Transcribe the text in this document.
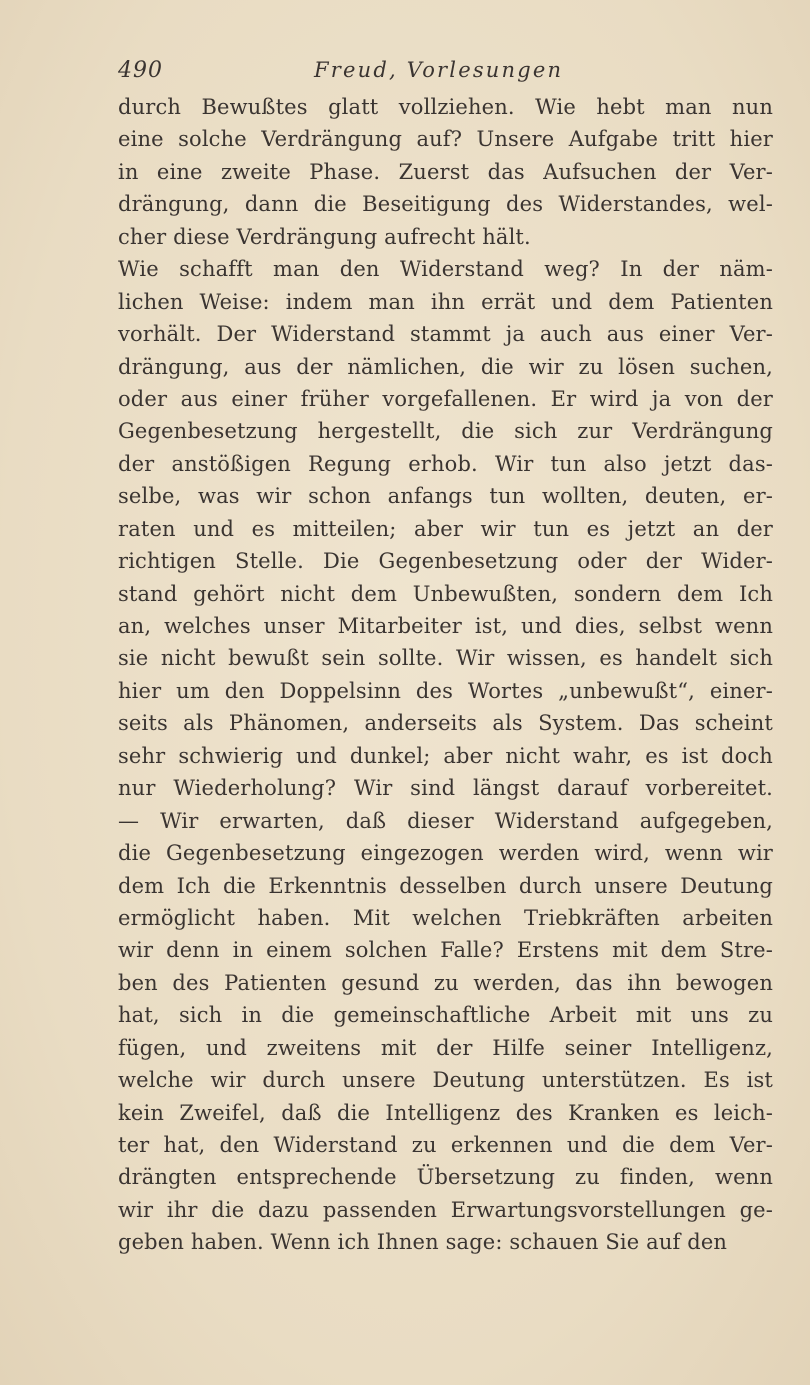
490	Freud, Vorlesungen
durch Bewußtes glatt vollziehen. Wie hebt man nun
eine solche Verdrängung auf? Unsere Aufgabe tritt hier
in eine zweite Phase. Zuerst das Aufsuchen der Ver-
drängung, dann die Beseitigung des Widerstandes, wel-
cher diese Verdrängung aufrecht hält.
Wie schafft man den Widerstand weg? In der näm-
lichen Weise: indem man ihn errät und dem Patienten
vorhält. Der Widerstand stammt ja auch aus einer Ver-
drängung, aus der nämlichen, die wir zu lösen suchen,
oder aus einer früher vorgefallenen. Er wird ja von der
Gegenbesetzung hergestellt, die sich zur Verdrängung
der anstößigen Regung erhob. Wir tun also jetzt das-
selbe, was wir schon anfangs tun wollten, deuten, er-
raten und es mitteilen; aber wir tun es jetzt an der
richtigen Stelle. Die Gegenbesetzung oder der Wider-
stand gehört nicht dem Unbewußten, sondern dem Ich
an, welches unser Mitarbeiter ist, und dies, selbst wenn
sie nicht bewußt sein sollte. Wir wissen, es handelt sich
hier um den Doppelsinn des Wortes „unbewußt“, einer-
seits als Phänomen, anderseits als System. Das scheint
sehr schwierig und dunkel; aber nicht wahr, es ist doch
nur Wiederholung? Wir sind längst darauf vorbereitet.
— Wir erwarten, daß dieser Widerstand aufgegeben,
die Gegenbesetzung eingezogen werden wird, wenn wir
dem Ich die Erkenntnis desselben durch unsere Deutung
ermöglicht haben. Mit welchen Triebkräften arbeiten
wir denn in einem solchen Falle? Erstens mit dem Stre-
ben des Patienten gesund zu werden, das ihn bewogen
hat, sich in die gemeinschaftliche Arbeit mit uns zu
fügen, und zweitens mit der Hilfe seiner Intelligenz,
welche wir durch unsere Deutung unterstützen. Es ist
kein Zweifel, daß die Intelligenz des Kranken es leich-
ter hat, den Widerstand zu erkennen und die dem Ver-
drängten entsprechende Übersetzung zu finden, wenn
wir ihr die dazu passenden Erwartungsvorstellungen ge-
geben haben. Wenn ich Ihnen sage: schauen Sie auf den
